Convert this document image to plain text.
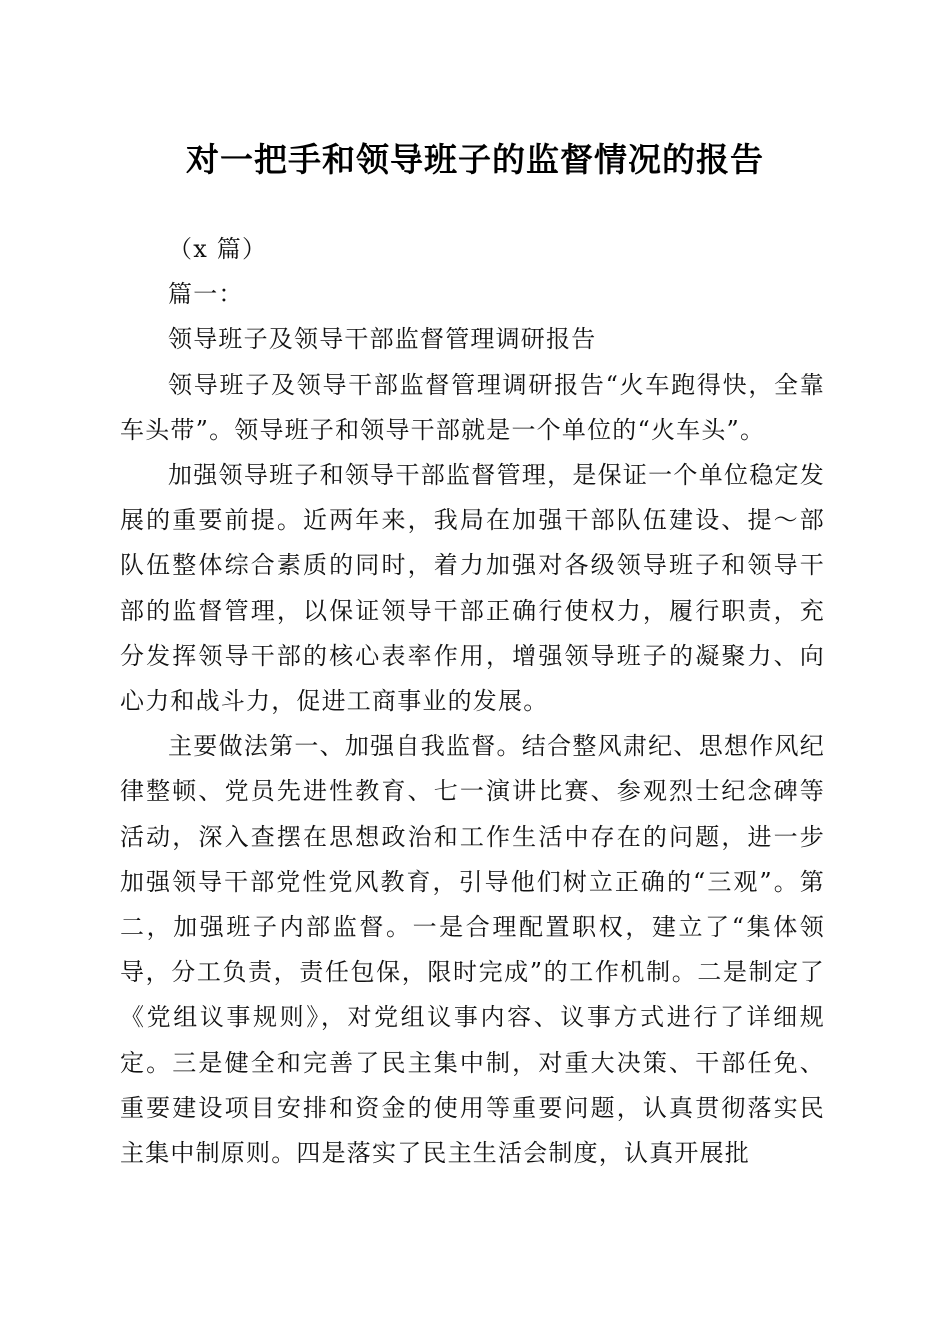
对一把手和领导班子的监督情况的报告

（x 篇）

篇一：

领导班子及领导干部监督管理调研报告

领导班子及领导干部监督管理调研报告“火车跑得快，全靠车头带”。领导班子和领导干部就是一个单位的“火车头”。

加强领导班子和领导干部监督管理，是保证一个单位稳定发展的重要前提。近两年来，我局在加强干部队伍建设、提～部队伍整体综合素质的同时，着力加强对各级领导班子和领导干部的监督管理，以保证领导干部正确行使权力，履行职责，充分发挥领导干部的核心表率作用，增强领导班子的凝聚力、向心力和战斗力，促进工商事业的发展。

主要做法第一、加强自我监督。结合整风肃纪、思想作风纪律整顿、党员先进性教育、七一演讲比赛、参观烈士纪念碑等活动，深入查摆在思想政治和工作生活中存在的问题，进一步加强领导干部党性党风教育，引导他们树立正确的“三观”。第二，加强班子内部监督。一是合理配置职权，建立了“集体领导，分工负责，责任包保，限时完成”的工作机制。二是制定了《党组议事规则》，对党组议事内容、议事方式进行了详细规定。三是健全和完善了民主集中制，对重大决策、干部任免、重要建设项目安排和资金的使用等重要问题，认真贯彻落实民主集中制原则。四是落实了民主生活会制度，认真开展批
